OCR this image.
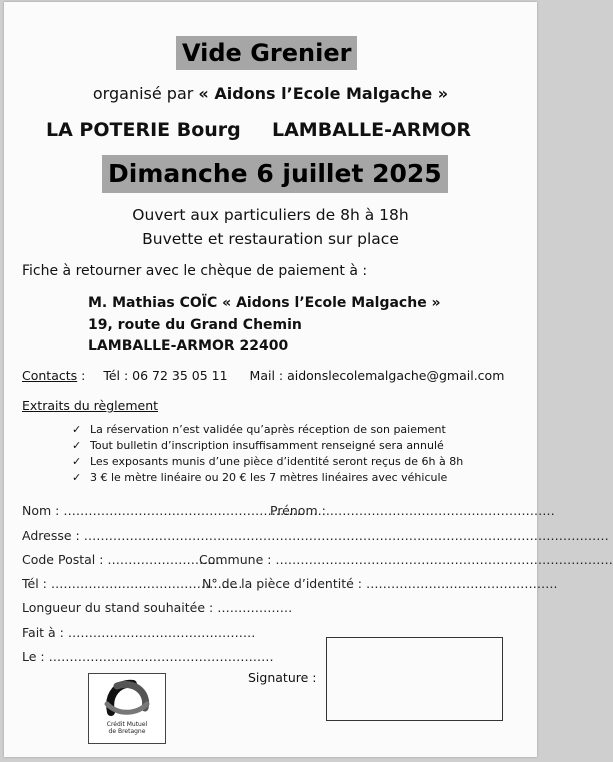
Vide Grenier
organisé par « Aidons l’Ecole Malgache »
LA POTERIE Bourg LAMBALLE-ARMOR
Dimanche 6 juillet 2025
Ouvert aux particuliers de 8h à 18h
Buvette et restauration sur place
Fiche à retourner avec le chèque de paiement à :
M. Mathias COÏC « Aidons l’Ecole Malgache »
19, route du Grand Chemin
LAMBALLE-ARMOR 22400
Contacts : Tél : 06 72 35 05 11 Mail : aidonslecolemalgache@gmail.com
Extraits du règlement
✓ La réservation n’est validée qu’après réception de son paiement
✓ Tout bulletin d’inscription insuffisamment renseigné sera annulé
✓ Les exposants munis d’une pièce d’identité seront reçus de 6h à 8h
✓ 3 € le mètre linéaire ou 20 € les 7 mètres linéaires avec véhicule
Nom : ……………………………………………………….
Prénom : ………………………………………………
Adresse : ………………………………………………………………………………………………………………
Code Postal : ……………………….
Commune : ………………………………………………………………………
Tél : ……………………………………….
N° de la pièce d’identité : ……………………………………….
Longueur du stand souhaitée : ………………
Fait à : ………………………………………
Le : ………………………………………………
Signature :
Crédit Mutuel
de Bretagne
